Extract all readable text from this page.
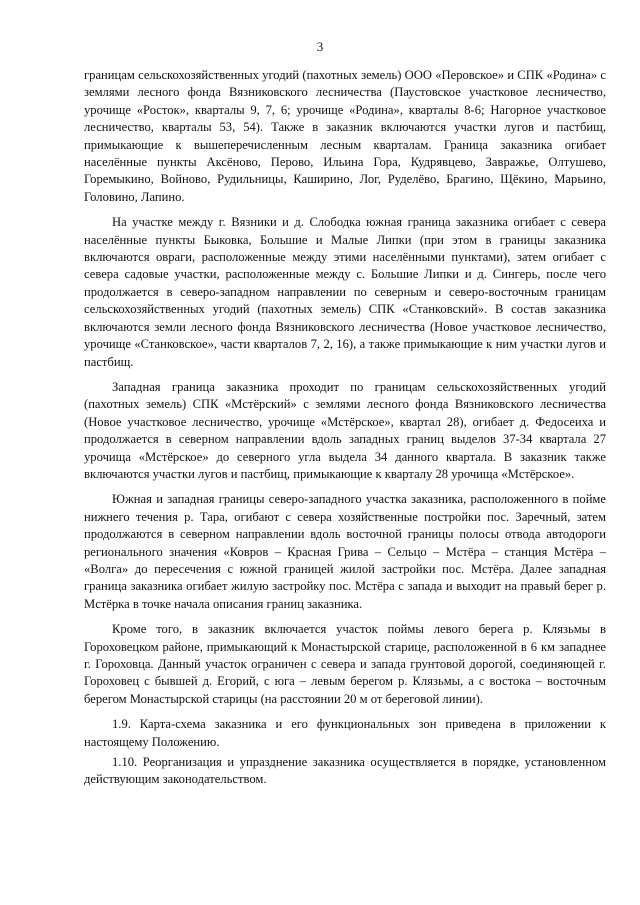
3

границам сельскохозяйственных угодий (пахотных земель) ООО «Перовское» и СПК «Родина» с землями лесного фонда Вязниковского лесничества (Паустовское участковое лесничество, урочище «Росток», кварталы 9, 7, 6; урочище «Родина», кварталы 8-6; Нагорное участковое лесничество, кварталы 53, 54). Также в заказник включаются участки лугов и пастбищ, примыкающие к вышеперечисленным лесным кварталам. Граница заказника огибает населённые пункты Аксёново, Перово, Ильина Гора, Кудрявцево, Завражье, Олтушево, Горемыкино, Войново, Рудильницы, Каширино, Лог, Руделёво, Брагино, Щёкино, Марьино, Головино, Лапино.

На участке между г. Вязники и д. Слободка южная граница заказника огибает с севера населённые пункты Быковка, Большие и Малые Липки (при этом в границы заказника включаются овраги, расположенные между этими населёнными пунктами), затем огибает с севера садовые участки, расположенные между с. Большие Липки и д. Сингерь, после чего продолжается в северо-западном направлении по северным и северо-восточным границам сельскохозяйственных угодий (пахотных земель) СПК «Станковский». В состав заказника включаются земли лесного фонда Вязниковского лесничества (Новое участковое лесничество, урочище «Станковское», части кварталов 7, 2, 16), а также примыкающие к ним участки лугов и пастбищ.

Западная граница заказника проходит по границам сельскохозяйственных угодий (пахотных земель) СПК «Мстёрский» с землями лесного фонда Вязниковского лесничества (Новое участковое лесничество, урочище «Мстёрское», квартал 28), огибает д. Федосеиха и продолжается в северном направлении вдоль западных границ выделов 37-34 квартала 27 урочища «Мстёрское» до северного угла выдела 34 данного квартала. В заказник также включаются участки лугов и пастбищ, примыкающие к кварталу 28 урочища «Мстёрское».

Южная и западная границы северо-западного участка заказника, расположенного в пойме нижнего течения р. Тара, огибают с севера хозяйственные постройки пос. Заречный, затем продолжаются в северном направлении вдоль восточной границы полосы отвода автодороги регионального значения «Ковров – Красная Грива – Сельцо – Мстёра – станция Мстёра – «Волга» до пересечения с южной границей жилой застройки пос. Мстёра. Далее западная граница заказника огибает жилую застройку пос. Мстёра с запада и выходит на правый берег р. Мстёрка в точке начала описания границ заказника.

Кроме того, в заказник включается участок поймы левого берега р. Клязьмы в Гороховецком районе, примыкающий к Монастырской старице, расположенной в 6 км западнее г. Гороховца. Данный участок ограничен с севера и запада грунтовой дорогой, соединяющей г. Гороховец с бывшей д. Егорий, с юга – левым берегом р. Клязьмы, а с востока – восточным берегом Монастырской старицы (на расстоянии 20 м от береговой линии).

1.9. Карта-схема заказника и его функциональных зон приведена в приложении к настоящему Положению.

1.10. Реорганизация и упразднение заказника осуществляется в порядке, установленном действующим законодательством.
